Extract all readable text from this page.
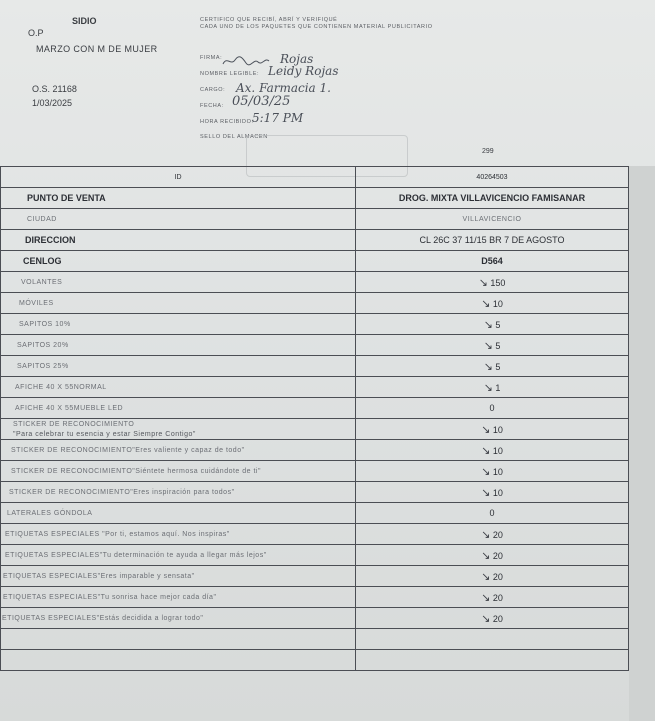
SIDIO
O.P
MARZO CON M DE MUJER
O.S. 21168
1/03/2025
CERTIFICO QUE RECIBÍ, ABRÍ Y VERIFIQUÉ
CADA UNO DE LOS PAQUETES QUE CONTIENEN MATERIAL PUBLICITARIO
FIRMA:	Rojas
NOMBRE LEGIBLE: Leidy Rojas
CARGO: Ax. Farmacia 1.
FECHA: 05/03/25
HORA RECIBIDO:
5:17 PM
SELLO DEL ALMACEN
299
ID	40264503
PUNTO DE VENTA	DROG. MIXTA VILLAVICENCIO FAMISANAR
CIUDAD	VILLAVICENCIO
DIRECCION	CL 26C 37 11/15 BR 7 DE AGOSTO
CENLOG	D564
VOLANTES	↘ 150
MÓVILES	↘ 10
SAPITOS 10%	↘ 5
SAPITOS 20%	↘ 5
SAPITOS 25%	↘ 5
AFICHE 40 X 55NORMAL	↘ 1
AFICHE 40 X 55MUEBLE LED	0
STICKER DE RECONOCIMIENTO
"Para celebrar tu esencia y estar Siempre Contigo"	↘ 10
STICKER DE RECONOCIMIENTO"Eres valiente y capaz de todo"	↘ 10
STICKER DE RECONOCIMIENTO"Siéntete hermosa cuidándote de ti"	↘ 10
STICKER DE RECONOCIMIENTO"Eres inspiración para todos"	↘ 10
LATERALES GÓNDOLA	0
ETIQUETAS ESPECIALES "Por ti, estamos aquí. Nos inspiras"	↘ 20
ETIQUETAS ESPECIALES"Tu determinación te ayuda a llegar más lejos"	↘ 20
ETIQUETAS ESPECIALES"Eres imparable y sensata"	↘ 20
ETIQUETAS ESPECIALES"Tu sonrisa hace mejor cada día"	↘ 20
ETIQUETAS ESPECIALES"Estás decidida a lograr todo"	↘ 20
